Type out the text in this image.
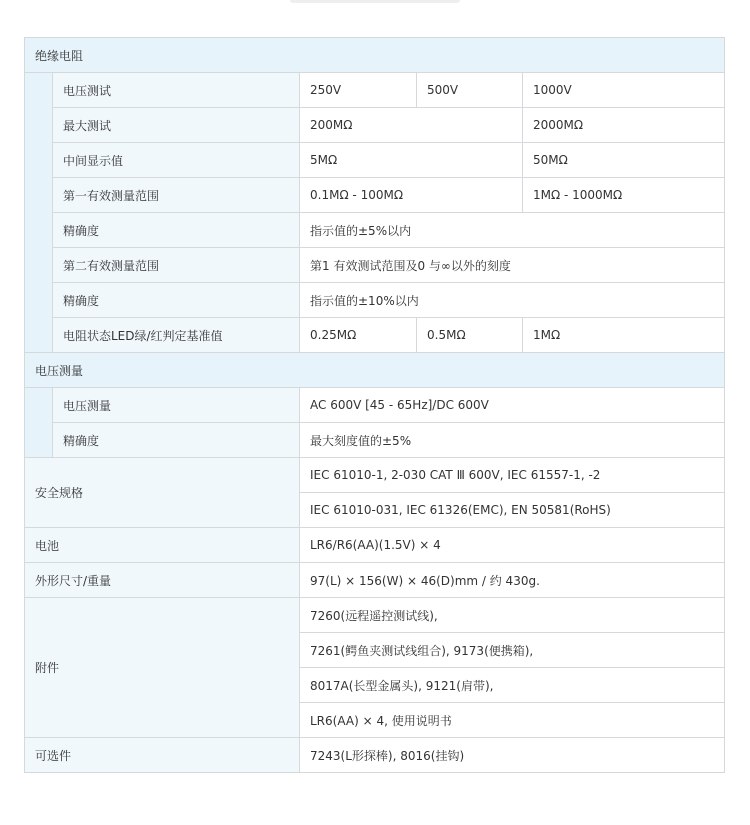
绝缘电阻				
	电压测试	250V	500V	1000V
	最大测试	200MΩ		2000MΩ
	中间显示值	5MΩ		50MΩ
	第一有效测量范围	0.1MΩ - 100MΩ		1MΩ - 1000MΩ
	精确度	指示值的±5%以内		
	第二有效测量范围	第1 有效测试范围及0 与∞以外的刻度		
	精确度	指示值的±10%以内		
	电阻状态LED绿/红判定基准值	0.25MΩ	0.5MΩ	1MΩ
电压测量				
	电压测量	AC 600V [45 - 65Hz]/DC 600V		
	精确度	最大刻度值的±5%		
安全规格		IEC 61010-1, 2-030 CAT Ⅲ 600V, IEC 61557-1, -2		
		IEC 61010-031, IEC 61326(EMC), EN 50581(RoHS)		
电池		LR6/R6(AA)(1.5V) × 4		
外形尺寸/重量		97(L) × 156(W) × 46(D)mm / 约 430g.		
附件		7260(远程遥控测试线),		
		7261(鳄鱼夹测试线组合), 9173(便携箱),		
		8017A(长型金属头), 9121(肩带),		
		LR6(AA) × 4, 使用说明书		
可选件		7243(L形探棒), 8016(挂钩)		
